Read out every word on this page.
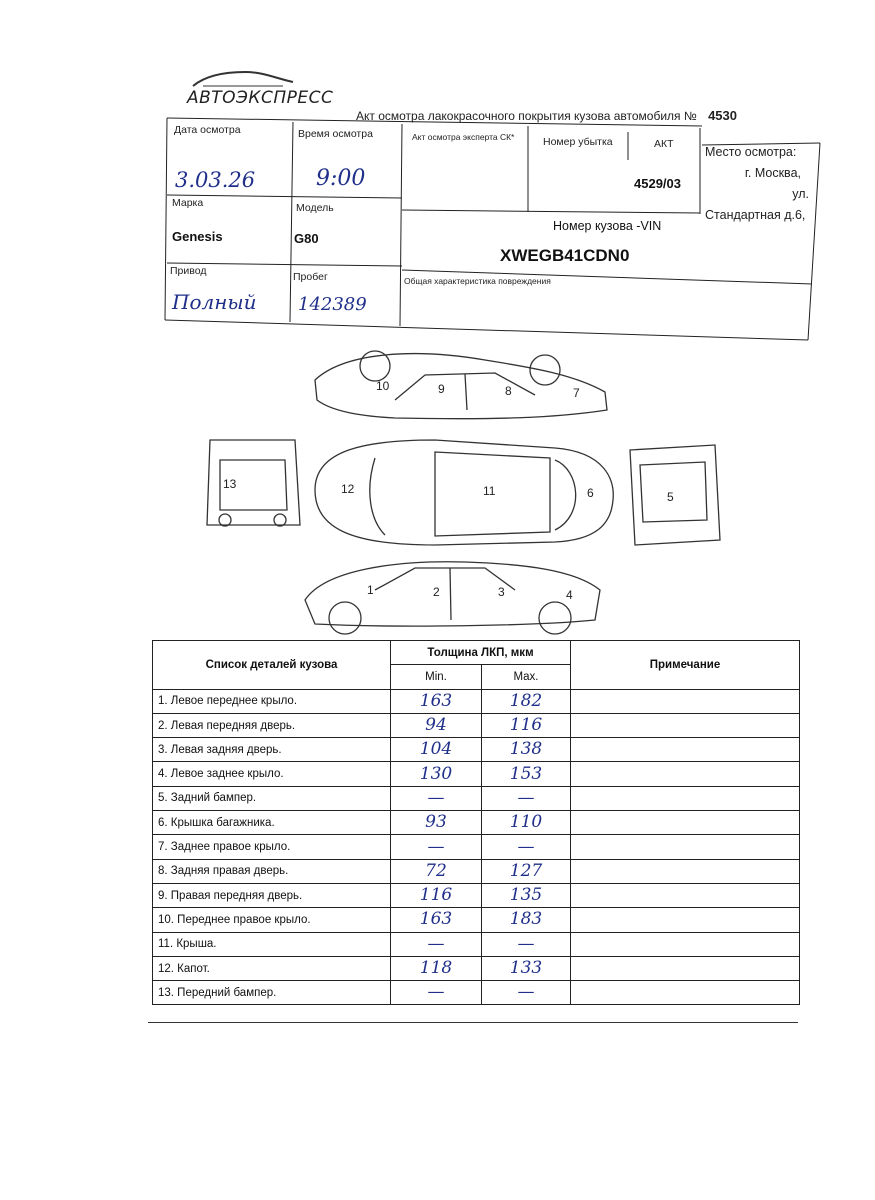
АВТОЭКСПРЕСС
Акт осмотра лакокрасочного покрытия кузова автомобиля № 4530
Дата осмотра
3.03.26
Время осмотра
9:00
Акт осмотра эксперта СК*	Номер убытка	АКТ
4529/03
Место осмотра:
г. Москва,
ул.
Стандартная д.6,
Марка
Genesis
Модель
G80
Номер кузова -VIN
XWEGB41CDN0
Привод
Полный
Пробег
142389
Общая характеристика повреждения
10	9	8	7
13	12	11	6	5
1	2	3	4
Список деталей кузова	Толщина ЛКП, мкм		Примечание
	Min.	Max.	
1. Левое переднее крыло.	163	182	

2. Левая передняя дверь.	94	116	

3. Левая задняя дверь.	104	138	

4. Левое заднее крыло.	130	153	

5. Задний бампер.	—	—	

6. Крышка багажника.	93	110	

7. Заднее правое крыло.	—	—	

8. Задняя правая дверь.	72	127	

9. Правая передняя дверь.	116	135	

10. Переднее правое крыло.	163	183	

11. Крыша.	—	—	

12. Капот.	118	133	

13. Передний бампер.	—	—	
